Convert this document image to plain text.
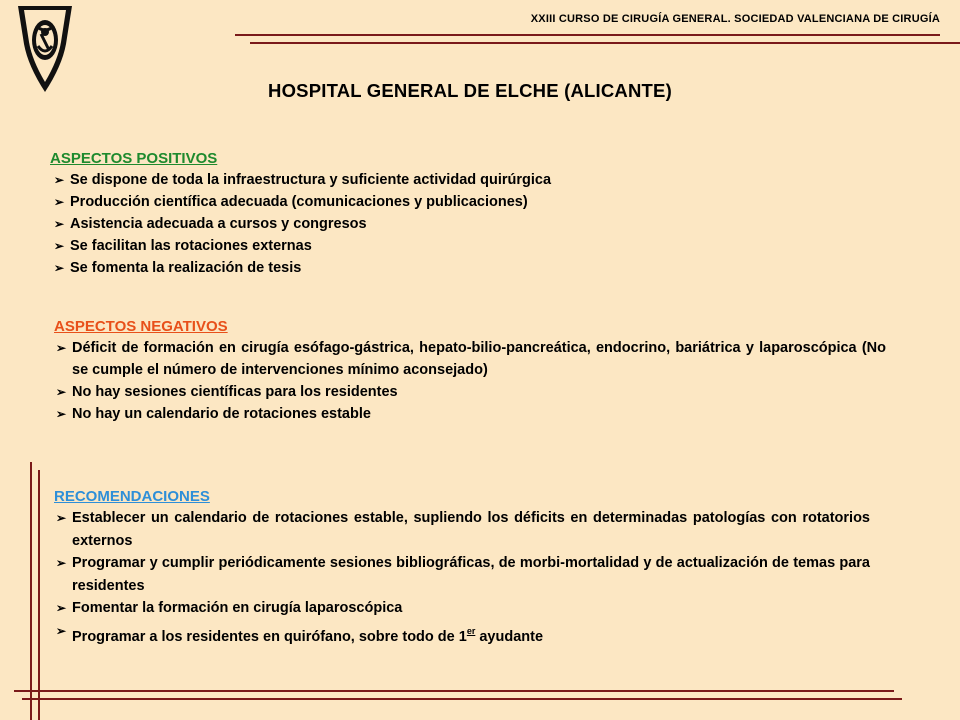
XXIII CURSO DE CIRUGÍA GENERAL. SOCIEDAD VALENCIANA DE CIRUGÍA
HOSPITAL GENERAL DE ELCHE (ALICANTE)
ASPECTOS POSITIVOS
➢ Se dispone de toda la infraestructura y suficiente actividad quirúrgica
➢ Producción científica adecuada (comunicaciones y publicaciones)
➢ Asistencia adecuada a cursos y congresos
➢ Se facilitan las rotaciones externas
➢ Se fomenta la realización de tesis
ASPECTOS NEGATIVOS
➢ Déficit de formación en cirugía esófago-gástrica, hepato-bilio-pancreática, endocrino, bariátrica y laparoscópica (No se cumple el número de intervenciones mínimo aconsejado)
➢ No hay sesiones científicas para los residentes
➢ No hay un calendario de rotaciones estable
RECOMENDACIONES
➢ Establecer un calendario de rotaciones estable, supliendo los déficits en determinadas patologías con rotatorios externos
➢ Programar y cumplir periódicamente sesiones bibliográficas, de morbi-mortalidad y de actualización de temas para residentes
➢ Fomentar la formación en cirugía laparoscópica
➢ Programar a los residentes en quirófano, sobre todo de 1er ayudante
